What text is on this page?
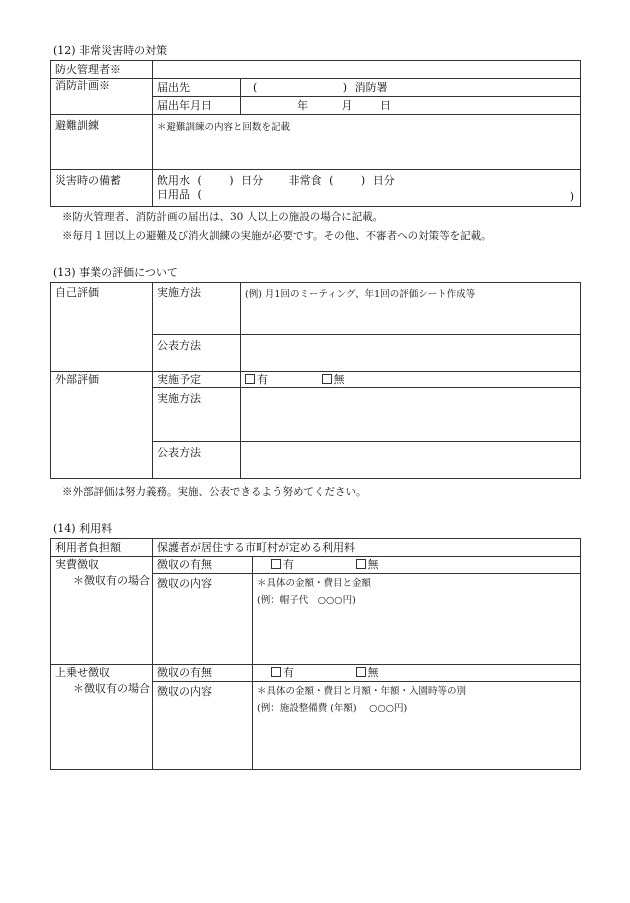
(12) 非常災害時の対策
防火管理者※		
消防計画※	届出先	( ) 消防署
	届出年月日	年 月 日
避難訓練	＊避難訓練の内容と回数を記載	
災害時の備蓄	飲用水 ( ) 日分 非常食 ( ) 日分
日用品 ( )	
※防火管理者、消防計画の届出は、30 人以上の施設の場合に記載。
※毎月１回以上の避難及び消火訓練の実施が必要です。その他、不審者への対策等を記載。
(13) 事業の評価について
自己評価	実施方法	(例) 月1回のミーティング、年1回の評価シート作成等
	公表方法	
外部評価	実施予定	有 無
	実施方法	
	公表方法	
※外部評価は努力義務。実施、公表できるよう努めてください。
(14) 利用料
利用者負担額	保護者が居住する市町村が定める利用料	

実費徴収
＊徴収有の場合	徴収の有無	有 無
	徴収の内容	＊具体の金額・費目と金額
(例：帽子代　○○○円)

上乗せ徴収
＊徴収有の場合	徴収の有無	有 無
	徴収の内容	＊具体の金額・費目と月額・年額・入園時等の別
(例：施設整備費 (年額)　 ○○○円)
